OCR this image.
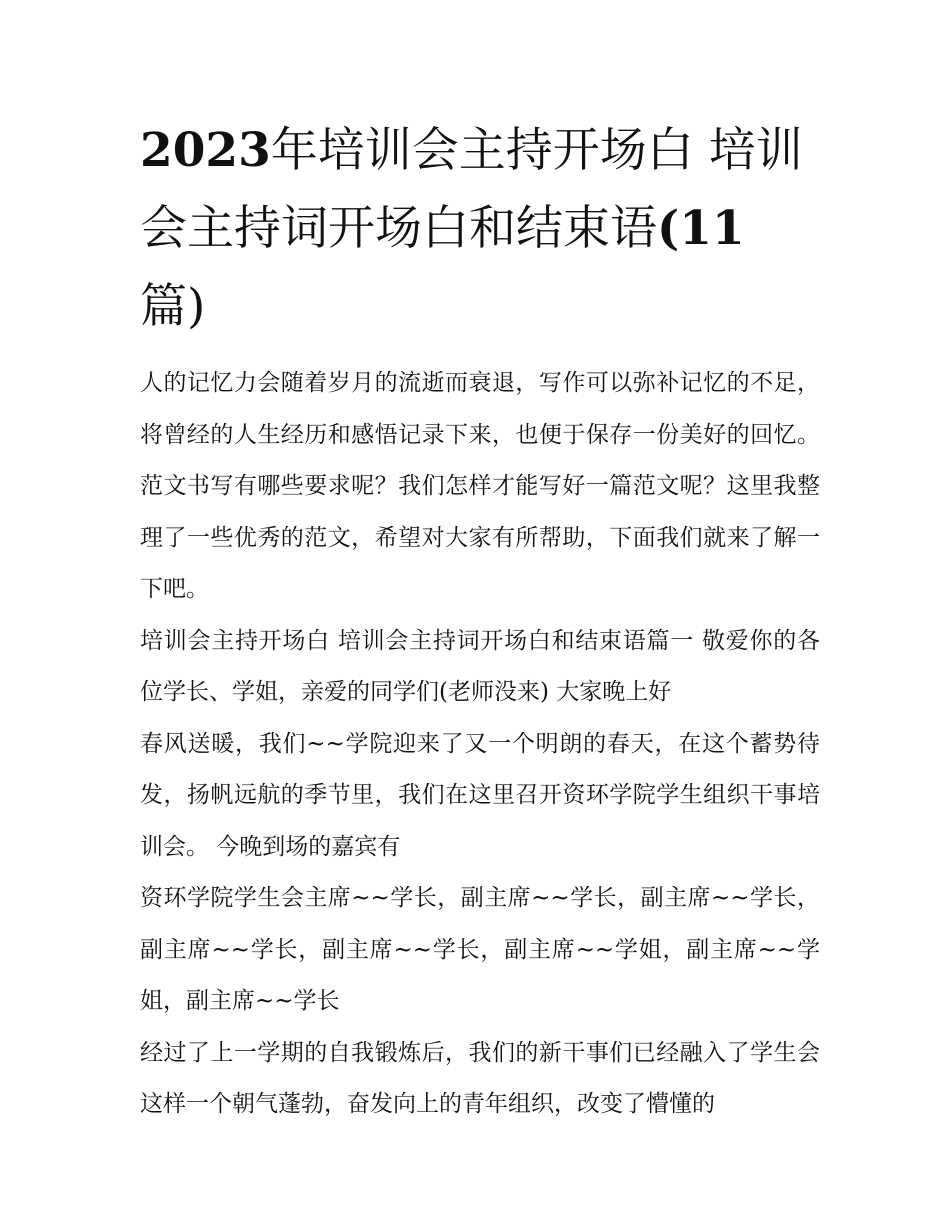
2023年培训会主持开场白 培训会主持词开场白和结束语(11
篇)

人的记忆力会随着岁月的流逝而衰退，写作可以弥补记忆的不足，将曾经的人生经历和感悟记录下来，也便于保存一份美好的回忆。范文书写有哪些要求呢？我们怎样才能写好一篇范文呢？这里我整理了一些优秀的范文，希望对大家有所帮助，下面我们就来了解一下吧。

培训会主持开场白 培训会主持词开场白和结束语篇一 敬爱你的各位学长、学姐，亲爱的同学们(老师没来) 大家晚上好

春风送暖，我们~~学院迎来了又一个明朗的春天，在这个蓄势待发，扬帆远航的季节里，我们在这里召开资环学院学生组织干事培训会。 今晚到场的嘉宾有

资环学院学生会主席~~学长，副主席~~学长，副主席~~学长，副主席~~学长，副主席~~学长，副主席~~学姐，副主席~~学姐，副主席~~学长

经过了上一学期的自我锻炼后，我们的新干事们已经融入了学生会这样一个朝气蓬勃，奋发向上的青年组织，改变了懵懂的
